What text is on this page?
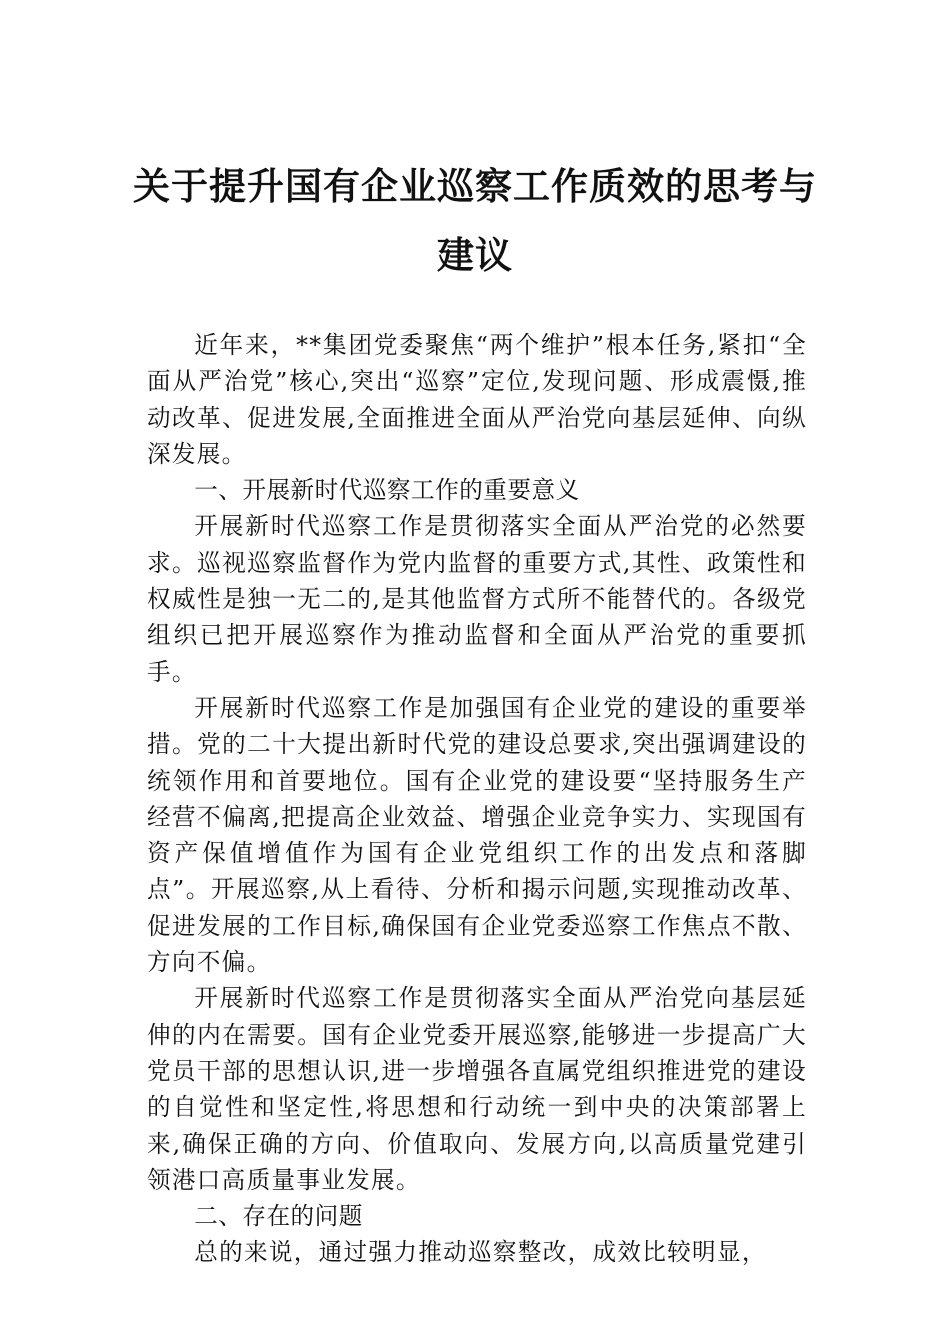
关于提升国有企业巡察工作质效的思考与
建议

近年来，**集团党委聚焦“两个维护”根本任务,紧扣“全面从严治党”核心,突出“巡察”定位,发现问题、形成震慑,推动改革、促进发展,全面推进全面从严治党向基层延伸、向纵深发展。

一、开展新时代巡察工作的重要意义

开展新时代巡察工作是贯彻落实全面从严治党的必然要求。巡视巡察监督作为党内监督的重要方式,其性、政策性和权威性是独一无二的,是其他监督方式所不能替代的。各级党组织已把开展巡察作为推动监督和全面从严治党的重要抓手。

开展新时代巡察工作是加强国有企业党的建设的重要举措。党的二十大提出新时代党的建设总要求,突出强调建设的统领作用和首要地位。国有企业党的建设要“坚持服务生产经营不偏离,把提高企业效益、增强企业竞争实力、实现国有资产保值增值作为国有企业党组织工作的出发点和落脚点”。开展巡察,从上看待、分析和揭示问题,实现推动改革、促进发展的工作目标,确保国有企业党委巡察工作焦点不散、方向不偏。

开展新时代巡察工作是贯彻落实全面从严治党向基层延伸的内在需要。国有企业党委开展巡察,能够进一步提高广大党员干部的思想认识,进一步增强各直属党组织推进党的建设的自觉性和坚定性,将思想和行动统一到中央的决策部署上来,确保正确的方向、价值取向、发展方向,以高质量党建引领港口高质量事业发展。

二、存在的问题

总的来说，通过强力推动巡察整改，成效比较明显，
